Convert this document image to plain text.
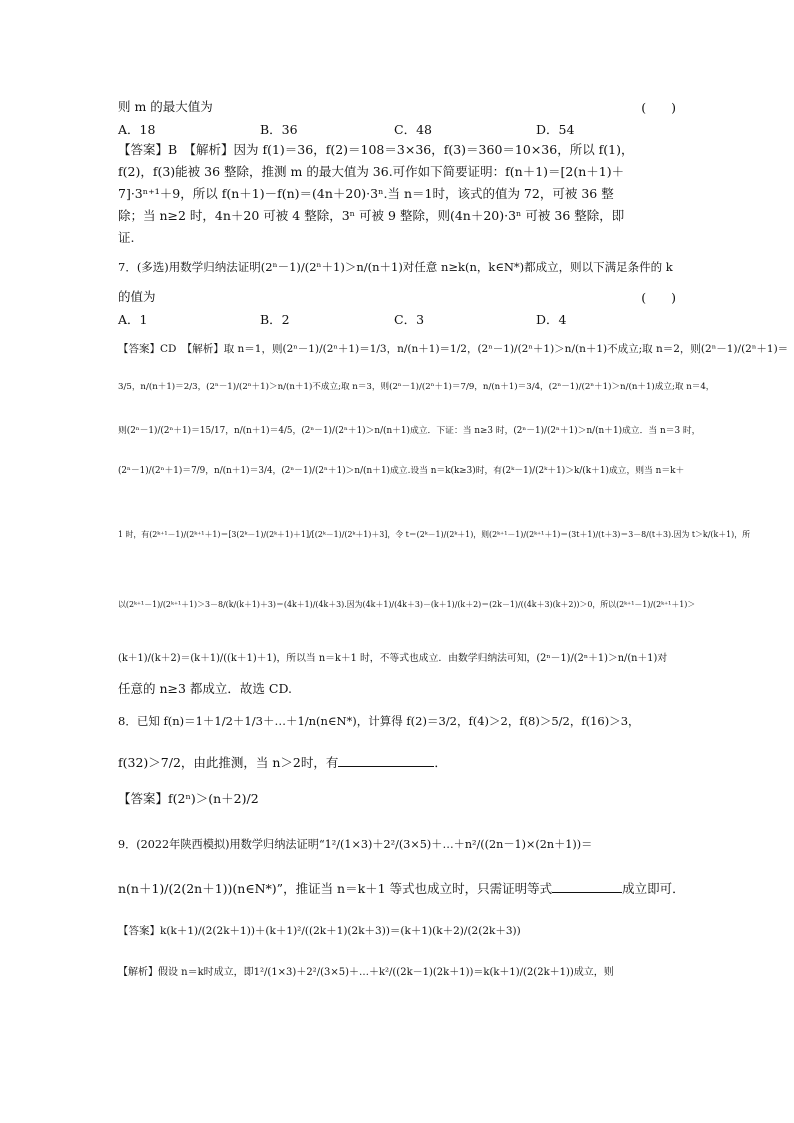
则 m 的最大值为	(　　)
A．18	B．36	C．48	D．54
【答案】B　 【解析】因为 f(1)＝36，f(2)＝108＝3×36，f(3)＝360＝10×36，所以 f(1)，
f(2)，f(3)能被 36 整除，推测 m 的最大值为 36.可作如下简要证明：f(n＋1)＝[2(n＋1)＋
7]·3ⁿ⁺¹＋9，所以 f(n＋1)－f(n)＝(4n＋20)·3ⁿ.当 n＝1时，该式的值为 72，可被 36 整
除；当 n≥2 时，4n＋20 可被 4 整除，3ⁿ 可被 9 整除，则(4n＋20)·3ⁿ 可被 36 整除，即
证.
7．(多选)用数学归纳法证明(2ⁿ－1)/(2ⁿ＋1)＞n/(n＋1)对任意 n≥k(n，k∈N*)都成立，则以下满足条件的 k
的值为	(　　)
A．1	B．2	C．3	D．4
【答案】CD　 【解析】取 n＝1，则(2ⁿ－1)/(2ⁿ＋1)＝1/3，n/(n＋1)＝1/2，(2ⁿ－1)/(2ⁿ＋1)＞n/(n＋1)不成立;取 n＝2，则(2ⁿ－1)/(2ⁿ＋1)＝
3/5，n/(n＋1)＝2/3，(2ⁿ－1)/(2ⁿ＋1)＞n/(n＋1)不成立;取 n＝3，则(2ⁿ－1)/(2ⁿ＋1)＝7/9，n/(n＋1)＝3/4，(2ⁿ－1)/(2ⁿ＋1)＞n/(n＋1)成立;取 n＝4，
则(2ⁿ－1)/(2ⁿ＋1)＝15/17，n/(n＋1)＝4/5，(2ⁿ－1)/(2ⁿ＋1)＞n/(n＋1)成立．下证：当 n≥3 时，(2ⁿ－1)/(2ⁿ＋1)＞n/(n＋1)成立．当 n＝3 时，
(2ⁿ－1)/(2ⁿ＋1)＝7/9，n/(n＋1)＝3/4，(2ⁿ－1)/(2ⁿ＋1)＞n/(n＋1)成立.设当 n＝k(k≥3)时，有(2ᵏ－1)/(2ᵏ＋1)＞k/(k＋1)成立，则当 n＝k＋
1 时，有(2ᵏ⁺¹－1)/(2ᵏ⁺¹＋1)＝[3(2ᵏ－1)/(2ᵏ＋1)＋1]/[(2ᵏ－1)/(2ᵏ＋1)＋3]，令 t＝(2ᵏ－1)/(2ᵏ＋1)，则(2ᵏ⁺¹－1)/(2ᵏ⁺¹＋1)＝(3t＋1)/(t＋3)＝3－8/(t＋3).因为 t＞k/(k＋1)，所
以(2ᵏ⁺¹－1)/(2ᵏ⁺¹＋1)＞3－8/(k/(k＋1)＋3)＝(4k＋1)/(4k＋3).因为(4k＋1)/(4k＋3)－(k＋1)/(k＋2)＝(2k－1)/((4k＋3)(k＋2))＞0，所以(2ᵏ⁺¹－1)/(2ᵏ⁺¹＋1)＞
(k＋1)/(k＋2)＝(k＋1)/((k＋1)＋1)，所以当 n＝k＋1 时，不等式也成立．由数学归纳法可知，(2ⁿ－1)/(2ⁿ＋1)＞n/(n＋1)对
任意的 n≥3 都成立．故选 CD.
8．已知 f(n)＝1＋1/2＋1/3＋…＋1/n(n∈N*)，计算得 f(2)＝3/2，f(4)＞2，f(8)＞5/2，f(16)＞3，
f(32)＞7/2，由此推测，当 n＞2时，有	．
【答案】f(2ⁿ)＞(n＋2)/2
9．(2022年陕西模拟)用数学归纳法证明“1²/(1×3)＋2²/(3×5)＋…＋n²/((2n－1)×(2n＋1))＝
n(n＋1)/(2(2n＋1))(n∈N*)”，推证当 n＝k＋1 等式也成立时，只需证明等式	成立即可．
【答案】k(k＋1)/(2(2k＋1))＋(k＋1)²/((2k＋1)(2k＋3))＝(k＋1)(k＋2)/(2(2k＋3))
【解析】假设 n＝k时成立，即1²/(1×3)＋2²/(3×5)＋…＋k²/((2k－1)(2k＋1))＝k(k＋1)/(2(2k＋1))成立，则
